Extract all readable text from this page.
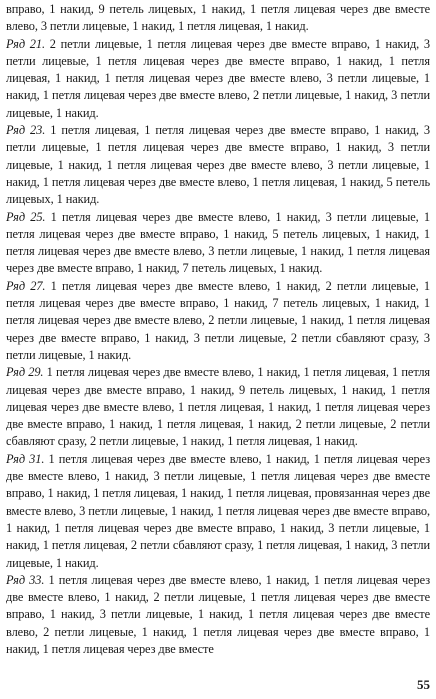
вправо, 1 накид, 9 петель лицевых, 1 накид, 1 петля лицевая через две вместе влево, 3 петли лицевые, 1 накид, 1 петля лицевая, 1 накид.

Ряд 21. 2 петли лицевые, 1 петля лицевая через две вместе вправо, 1 накид, 3 петли лицевые, 1 петля лицевая через две вместе вправо, 1 накид, 1 петля лицевая, 1 накид, 1 петля лицевая через две вместе влево, 3 петли лицевые, 1 накид, 1 петля лицевая через две вместе влево, 2 петли лицевые, 1 накид, 3 петли лицевые, 1 накид.

Ряд 23. 1 петля лицевая, 1 петля лицевая через две вместе вправо, 1 накид, 3 петли лицевые, 1 петля лицевая через две вместе вправо, 1 накид, 3 петли лицевые, 1 накид, 1 петля лицевая через две вместе влево, 3 петли лицевые, 1 накид, 1 петля лицевая через две вместе влево, 1 петля лицевая, 1 накид, 5 петель лицевых, 1 накид.

Ряд 25. 1 петля лицевая через две вместе влево, 1 накид, 3 петли лицевые, 1 петля лицевая через две вместе вправо, 1 накид, 5 петель лицевых, 1 накид, 1 петля лицевая через две вместе влево, 3 петли лицевые, 1 накид, 1 петля лицевая через две вместе вправо, 1 накид, 7 петель лицевых, 1 накид.

Ряд 27. 1 петля лицевая через две вместе влево, 1 накид, 2 петли лицевые, 1 петля лицевая через две вместе вправо, 1 накид, 7 петель лицевых, 1 накид, 1 петля лицевая через две вместе влево, 2 петли лицевые, 1 накид, 1 петля лицевая через две вместе вправо, 1 накид, 3 петли лицевые, 2 петли сбавляют сразу, 3 петли лицевые, 1 накид.

Ряд 29. 1 петля лицевая через две вместе влево, 1 накид, 1 петля лицевая, 1 петля лицевая через две вместе вправо, 1 накид, 9 петель лицевых, 1 накид, 1 петля лицевая через две вместе влево, 1 петля лицевая, 1 накид, 1 петля лицевая через две вместе вправо, 1 накид, 1 петля лицевая, 1 накид, 2 петли лицевые, 2 петли сбавляют сразу, 2 петли лицевые, 1 накид, 1 петля лицевая, 1 накид.

Ряд 31. 1 петля лицевая через две вместе влево, 1 накид, 1 петля лицевая через две вместе влево, 1 накид, 3 петли лицевые, 1 петля лицевая через две вместе вправо, 1 накид, 1 петля лицевая, 1 накид, 1 петля лицевая, провязанная через две вместе влево, 3 петли лицевые, 1 накид, 1 петля лицевая через две вместе вправо, 1 накид, 1 петля лицевая через две вместе вправо, 1 накид, 3 петли лицевые, 1 накид, 1 петля лицевая, 2 петли сбавляют сразу, 1 петля лицевая, 1 накид, 3 петли лицевые, 1 накид.

Ряд 33. 1 петля лицевая через две вместе влево, 1 накид, 1 петля лицевая через две вместе влево, 1 накид, 2 петли лицевые, 1 петля лицевая через две вместе вправо, 1 накид, 3 петли лицевые, 1 накид, 1 петля лицевая через две вместе влево, 2 петли лицевые, 1 накид, 1 петля лицевая через две вместе вправо, 1 накид, 1 петля лицевая через две вместе

55
